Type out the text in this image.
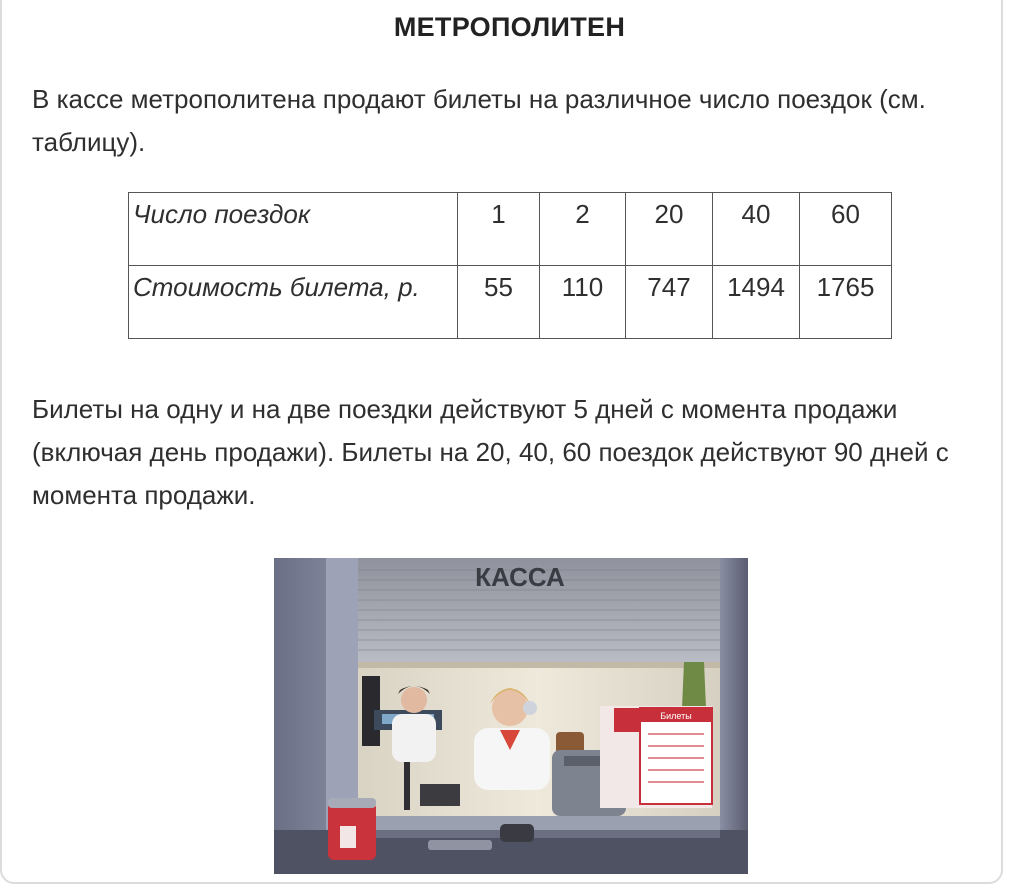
МЕТРОПОЛИТЕН
В кассе метрополитена продают билеты на различное число поездок (см. таблицу).
Число поездок	1	2	20	40	60
Стоимость билета, р.	55	110	747	1494	1765
Билеты на одну и на две поездки действуют 5 дней с момента продажи (включая день продажи). Билеты на 20, 40, 60 поездок действуют 90 дней с момента продажи.
КАССА
Билеты
